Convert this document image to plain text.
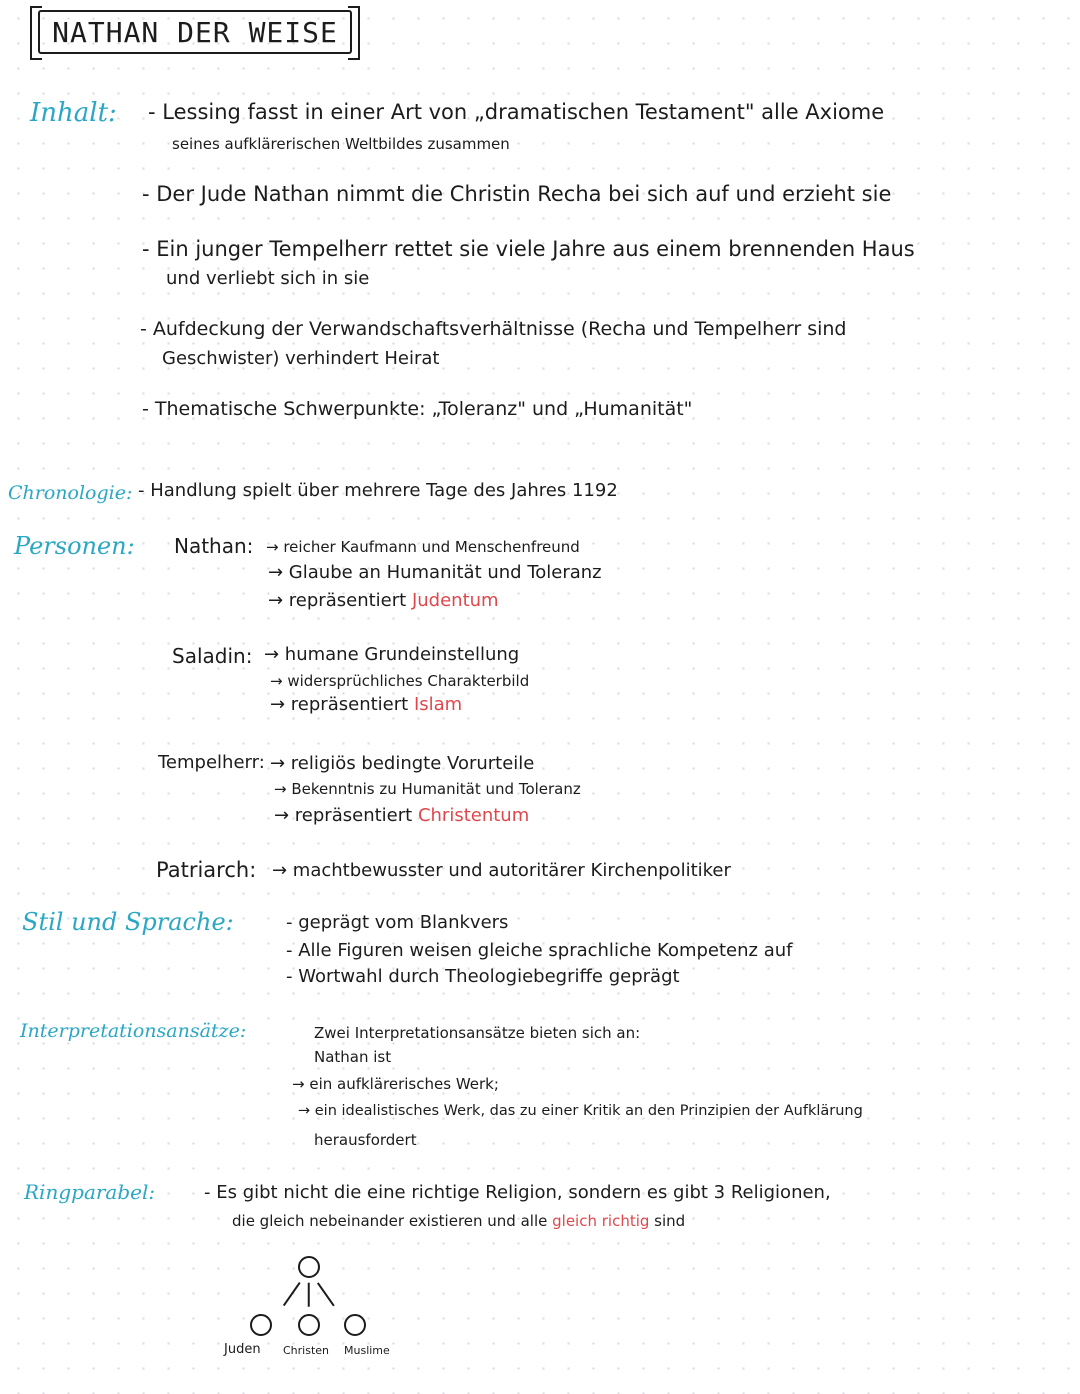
NATHAN DER WEISE
Inhalt: - Lessing fasst in einer Art von „dramatischen Testament" alle Axiome
seines aufklärerischen Weltbildes zusammen
- Der Jude Nathan nimmt die Christin Recha bei sich auf und erzieht sie
- Ein junger Tempelherr rettet sie viele Jahre aus einem brennenden Haus
und verliebt sich in sie
- Aufdeckung der Verwandschaftsverhältnisse (Recha und Tempelherr sind
Geschwister) verhindert Heirat
- Thematische Schwerpunkte: „Toleranz" und „Humanität"
Chronologie: - Handlung spielt über mehrere Tage des Jahres 1192
Personen: Nathan: → reicher Kaufmann und Menschenfreund
→ Glaube an Humanität und Toleranz
→ repräsentiert Judentum
Saladin: → humane Grundeinstellung
→ widersprüchliches Charakterbild
→ repräsentiert Islam
Tempelherr: → religiös bedingte Vorurteile
→ Bekenntnis zu Humanität und Toleranz
→ repräsentiert Christentum
Patriarch: → machtbewusster und autoritärer Kirchenpolitiker
Stil und Sprache:	- geprägt vom Blankvers
- Alle Figuren weisen gleiche sprachliche Kompetenz auf
- Wortwahl durch Theologiebegriffe geprägt
Interpretationsansätze:	Zwei Interpretationsansätze bieten sich an:
Nathan ist
→ ein aufklärerisches Werk;
→ ein idealistisches Werk, das zu einer Kritik an den Prinzipien der Aufklärung
herausfordert
Ringparabel:	- Es gibt nicht die eine richtige Religion, sondern es gibt 3 Religionen,
die gleich nebeinander existieren und alle gleich richtig sind
Juden Christen Muslime
